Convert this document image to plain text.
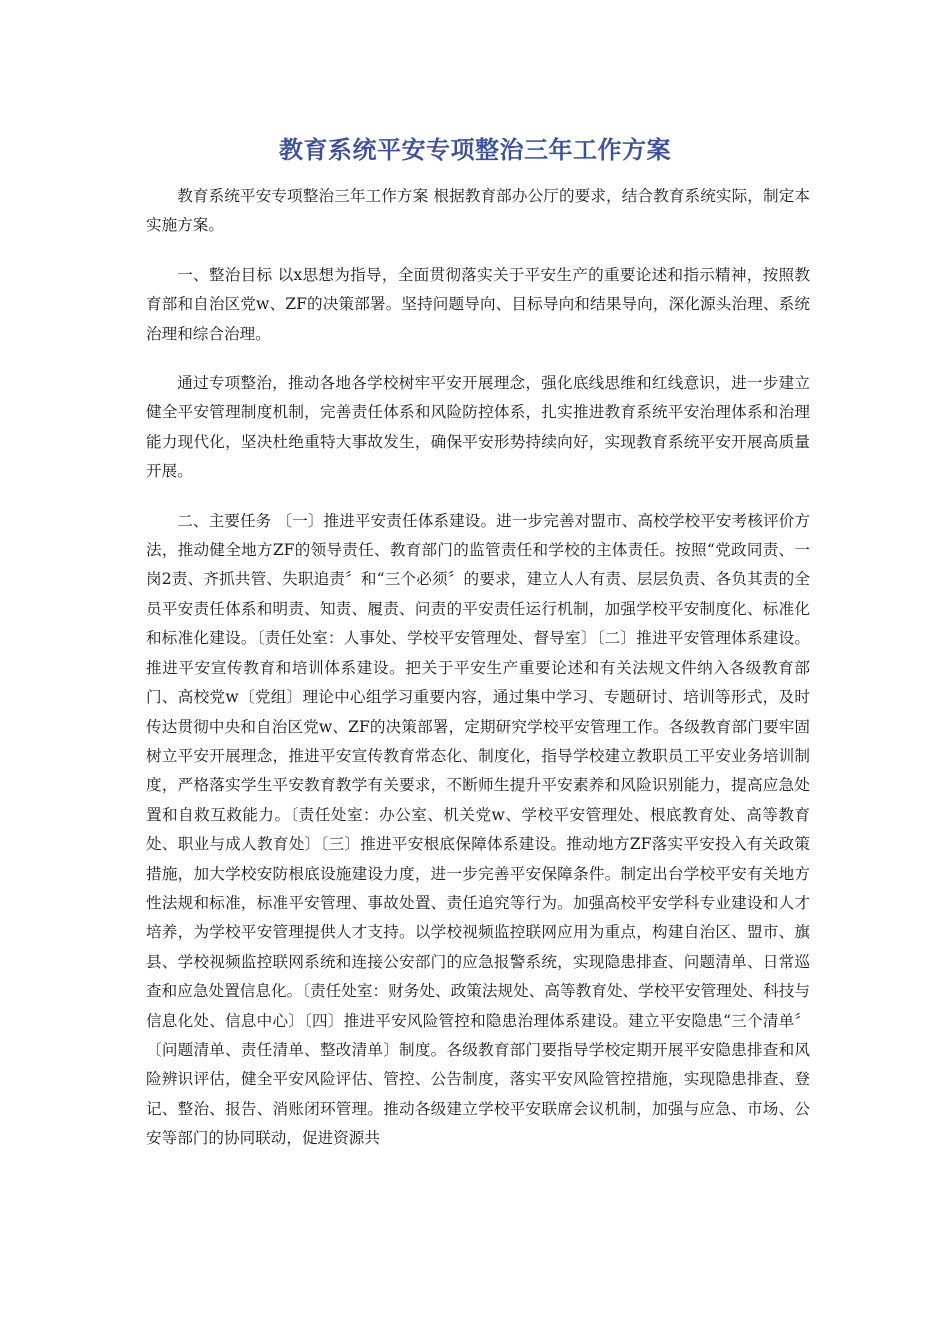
教育系统平安专项整治三年工作方案

教育系统平安专项整治三年工作方案 根据教育部办公厅的要求，结合教育系统实际，制定本实施方案。

一、整治目标 以x思想为指导，全面贯彻落实关于平安生产的重要论述和指示精神，按照教育部和自治区党w、ZF的决策部署。坚持问题导向、目标导向和结果导向，深化源头治理、系统治理和综合治理。

通过专项整治，推动各地各学校树牢平安开展理念，强化底线思维和红线意识，进一步建立健全平安管理制度机制，完善责任体系和风险防控体系，扎实推进教育系统平安治理体系和治理能力现代化，坚决杜绝重特大事故发生，确保平安形势持续向好，实现教育系统平安开展高质量开展。

二、主要任务 〔一〕推进平安责任体系建设。进一步完善对盟市、高校学校平安考核评价方法，推动健全地方ZF的领导责任、教育部门的监管责任和学校的主体责任。按照“党政同责、一岗2责、齐抓共管、失职追责〞和“三个必须〞的要求，建立人人有责、层层负责、各负其责的全员平安责任体系和明责、知责、履责、问责的平安责任运行机制，加强学校平安制度化、标准化和标准化建设。〔责任处室：人事处、学校平安管理处、督导室〕〔二〕推进平安管理体系建设。推进平安宣传教育和培训体系建设。把关于平安生产重要论述和有关法规文件纳入各级教育部门、高校党w〔党组〕理论中心组学习重要内容，通过集中学习、专题研讨、培训等形式，及时传达贯彻中央和自治区党w、ZF的决策部署，定期研究学校平安管理工作。各级教育部门要牢固树立平安开展理念，推进平安宣传教育常态化、制度化，指导学校建立教职员工平安业务培训制度，严格落实学生平安教育教学有关要求，不断师生提升平安素养和风险识别能力，提高应急处置和自救互救能力。〔责任处室：办公室、机关党w、学校平安管理处、根底教育处、高等教育处、职业与成人教育处〕〔三〕推进平安根底保障体系建设。推动地方ZF落实平安投入有关政策措施，加大学校安防根底设施建设力度，进一步完善平安保障条件。制定出台学校平安有关地方性法规和标准，标准平安管理、事故处置、责任追究等行为。加强高校平安学科专业建设和人才培养，为学校平安管理提供人才支持。以学校视频监控联网应用为重点，构建自治区、盟市、旗县、学校视频监控联网系统和连接公安部门的应急报警系统，实现隐患排查、问题清单、日常巡查和应急处置信息化。〔责任处室：财务处、政策法规处、高等教育处、学校平安管理处、科技与信息化处、信息中心〕〔四〕推进平安风险管控和隐患治理体系建设。建立平安隐患“三个清单〞〔问题清单、责任清单、整改清单〕制度。各级教育部门要指导学校定期开展平安隐患排查和风险辨识评估，健全平安风险评估、管控、公告制度，落实平安风险管控措施，实现隐患排查、登记、整治、报告、消账闭环管理。推动各级建立学校平安联席会议机制，加强与应急、市场、公安等部门的协同联动，促进资源共
